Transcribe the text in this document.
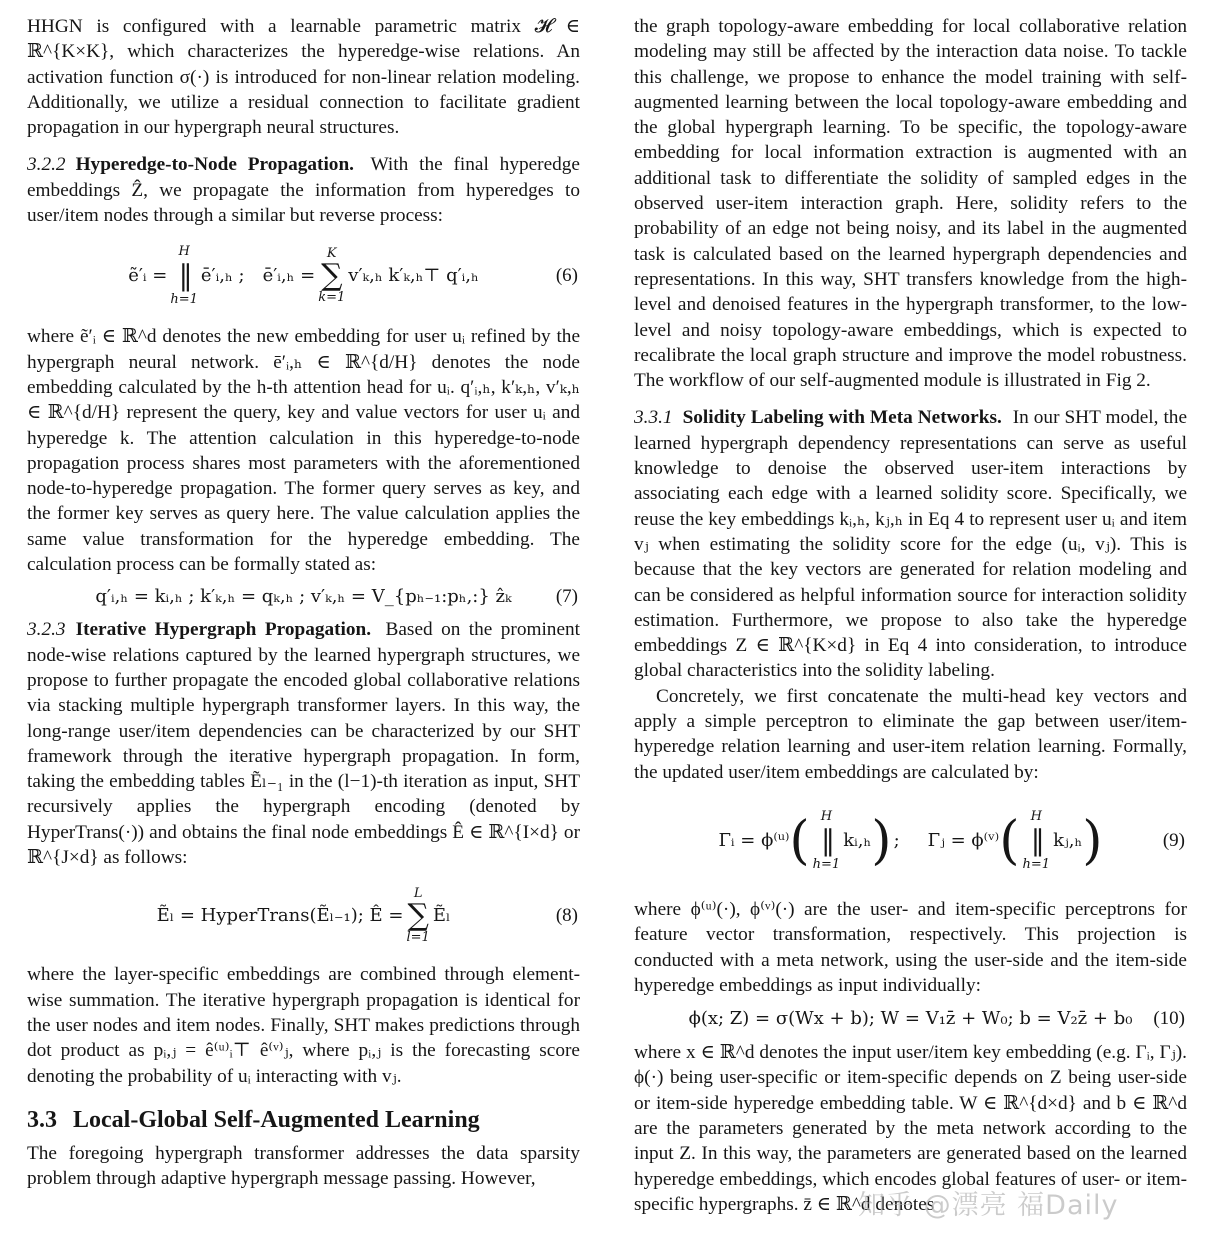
HHGN is configured with a learnable parametric matrix 𝓗 ∈ ℝ^{K×K}, which characterizes the hyperedge-wise relations. An activation function σ(·) is introduced for non-linear relation modeling. Additionally, we utilize a residual connection to facilitate gradient propagation in our hypergraph neural structures.

3.2.2 Hyperedge-to-Node Propagation. With the final hyperedge embeddings Ẑ, we propagate the information from hyperedges to user/item nodes through a similar but reverse process:

ẽ′ᵢ =
H
‖
h=1
ē′ᵢ,ₕ ; ē′ᵢ,ₕ =
K
∑
k=1
v′ₖ,ₕ k′ₖ,ₕ⊤ q′ᵢ,ₕ	(6)

where ẽ′ᵢ ∈ ℝ^d denotes the new embedding for user uᵢ refined by the hypergraph neural network. ē′ᵢ,ₕ ∈ ℝ^{d/H} denotes the node embedding calculated by the h-th attention head for uᵢ. q′ᵢ,ₕ, k′ₖ,ₕ, v′ₖ,ₕ ∈ ℝ^{d/H} represent the query, key and value vectors for user uᵢ and hyperedge k. The attention calculation in this hyperedge-to-node propagation process shares most parameters with the aforementioned node-to-hyperedge propagation. The former query serves as key, and the former key serves as query here. The value calculation applies the same value transformation for the hyperedge embedding. The calculation process can be formally stated as:

q′ᵢ,ₕ = kᵢ,ₕ ; k′ₖ,ₕ = qₖ,ₕ ; v′ₖ,ₕ = V_{pₕ₋₁:pₕ,:} ẑₖ (7)

3.2.3 Iterative Hypergraph Propagation. Based on the prominent node-wise relations captured by the learned hypergraph structures, we propose to further propagate the encoded global collaborative relations via stacking multiple hypergraph transformer layers. In this way, the long-range user/item dependencies can be characterized by our SHT framework through the iterative hypergraph propagation. In form, taking the embedding tables Ẽₗ₋₁ in the (l−1)-th iteration as input, SHT recursively applies the hypergraph encoding (denoted by HyperTrans(·)) and obtains the final node embeddings Ê ∈ ℝ^{I×d} or ℝ^{J×d} as follows:

Ẽₗ = HyperTrans(Ẽₗ₋₁); Ê =
L
∑
l=1
Ẽₗ	(8)

where the layer-specific embeddings are combined through element-wise summation. The iterative hypergraph propagation is identical for the user nodes and item nodes. Finally, SHT makes predictions through dot product as pᵢ,ⱼ = ê⁽ᵘ⁾ᵢ⊤ ê⁽ᵛ⁾ⱼ, where pᵢ,ⱼ is the forecasting score denoting the probability of uᵢ interacting with vⱼ.

3.3 Local-Global Self-Augmented Learning

The foregoing hypergraph transformer addresses the data sparsity problem through adaptive hypergraph message passing. However,

the graph topology-aware embedding for local collaborative relation modeling may still be affected by the interaction data noise. To tackle this challenge, we propose to enhance the model training with self-augmented learning between the local topology-aware embedding and the global hypergraph learning. To be specific, the topology-aware embedding for local information extraction is augmented with an additional task to differentiate the solidity of sampled edges in the observed user-item interaction graph. Here, solidity refers to the probability of an edge not being noisy, and its label in the augmented task is calculated based on the learned hypergraph dependencies and representations. In this way, SHT transfers knowledge from the high-level and denoised features in the hypergraph transformer, to the low-level and noisy topology-aware embeddings, which is expected to recalibrate the local graph structure and improve the model robustness. The workflow of our self-augmented module is illustrated in Fig 2.

3.3.1 Solidity Labeling with Meta Networks. In our SHT model, the learned hypergraph dependency representations can serve as useful knowledge to denoise the observed user-item interactions by associating each edge with a learned solidity score. Specifically, we reuse the key embeddings kᵢ,ₕ, kⱼ,ₕ in Eq 4 to represent user uᵢ and item vⱼ when estimating the solidity score for the edge (uᵢ, vⱼ). This is because that the key vectors are generated for relation modeling and can be considered as helpful information source for interaction solidity estimation. Furthermore, we propose to also take the hyperedge embeddings Z ∈ ℝ^{K×d} in Eq 4 into consideration, to introduce global characteristics into the solidity labeling.

Concretely, we first concatenate the multi-head key vectors and apply a simple perceptron to eliminate the gap between user/item-hyperedge relation learning and user-item relation learning. Formally, the updated user/item embeddings are calculated by:

Γᵢ = ϕ⁽ᵘ⁾ ( H
‖
h=1
kᵢ,ₕ ) ; Γⱼ = ϕ⁽ᵛ⁾ ( H
‖
h=1
kⱼ,ₕ )	(9)

where ϕ⁽ᵘ⁾(·), ϕ⁽ᵛ⁾(·) are the user- and item-specific perceptrons for feature vector transformation, respectively. This projection is conducted with a meta network, using the user-side and the item-side hyperedge embeddings as input individually:

ϕ(x; Z) = σ(Wx + b); W = V₁z̄ + W₀; b = V₂z̄ + b₀ (10)

where x ∈ ℝ^d denotes the input user/item key embedding (e.g. Γᵢ, Γⱼ). ϕ(·) being user-specific or item-specific depends on Z being user-side or item-side hyperedge embedding table. W ∈ ℝ^{d×d} and b ∈ ℝ^d are the parameters generated by the meta network according to the input Z. In this way, the parameters are generated based on the learned hyperedge embeddings, which encodes global features of user- or item-specific hypergraphs. z̄ ∈ ℝ^d denotes

知乎 @漂亮 福Daily
